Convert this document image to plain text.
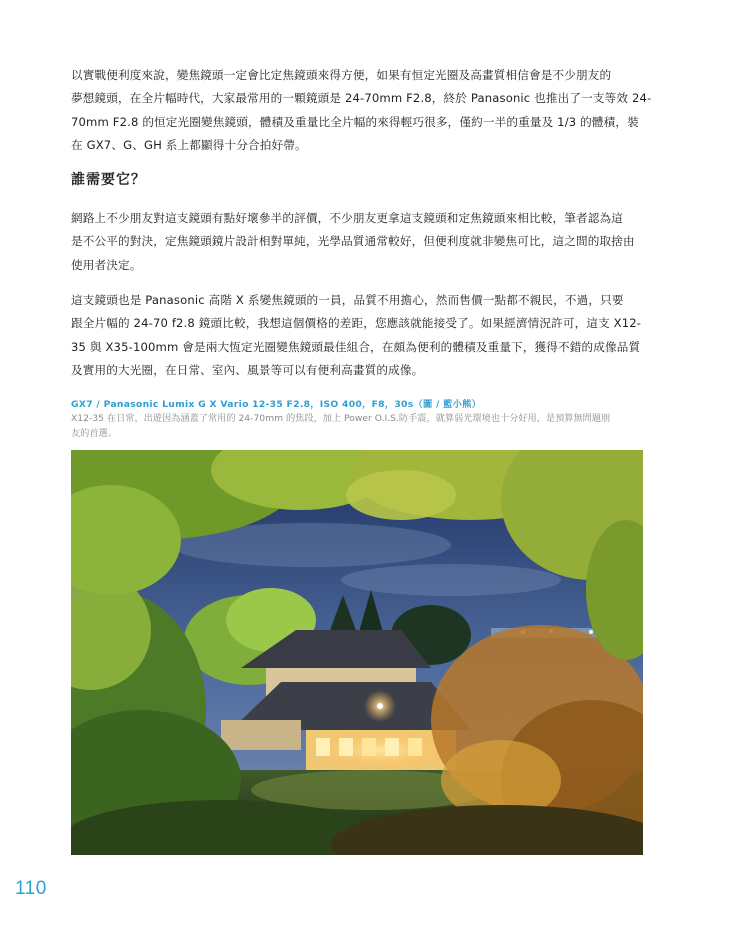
以實戰便利度來說，變焦鏡頭一定會比定焦鏡頭來得方便，如果有恒定光圈及高畫質相信會是不少朋友的
夢想鏡頭，在全片幅時代，大家最常用的一顆鏡頭是 24-70mm F2.8，終於 Panasonic 也推出了一支等效 24-
70mm F2.8 的恒定光圈變焦鏡頭，體積及重量比全片幅的來得輕巧很多，僅約一半的重量及 1/3 的體積，裝
在 GX7、G、GH 系上都顯得十分合拍好帶。
誰需要它？
網路上不少朋友對這支鏡頭有點好壞參半的評價，不少朋友更拿這支鏡頭和定焦鏡頭來相比較，筆者認為這
是不公平的對決，定焦鏡頭鏡片設計相對單純，光學品質通常較好，但便利度就非變焦可比，這之間的取捨由
使用者決定。
這支鏡頭也是 Panasonic 高階 X 系變焦鏡頭的一員，品質不用擔心，然而售價一點都不親民，不過，只要
跟全片幅的 24-70 f2.8 鏡頭比較，我想這個價格的差距，您應該就能接受了。如果經濟情況許可，這支 X12-
35 與 X35-100mm 會是兩大恆定光圈變焦鏡頭最佳組合，在頗為便利的體積及重量下，獲得不錯的成像品質
及實用的大光圈，在日常、室內、風景等可以有便利高畫質的成像。

GX7 / Panasonic Lumix G X Vario 12-35 F2.8，ISO 400，F8，30s（圖 / 藍小熊）

X12-35 在日常，出遊因為涵蓋了常用的 24-70mm 的焦段，加上 Power O.I.S.防手震，就算弱光環境也十分好用，是預算無問題朋
友的首選。

110
